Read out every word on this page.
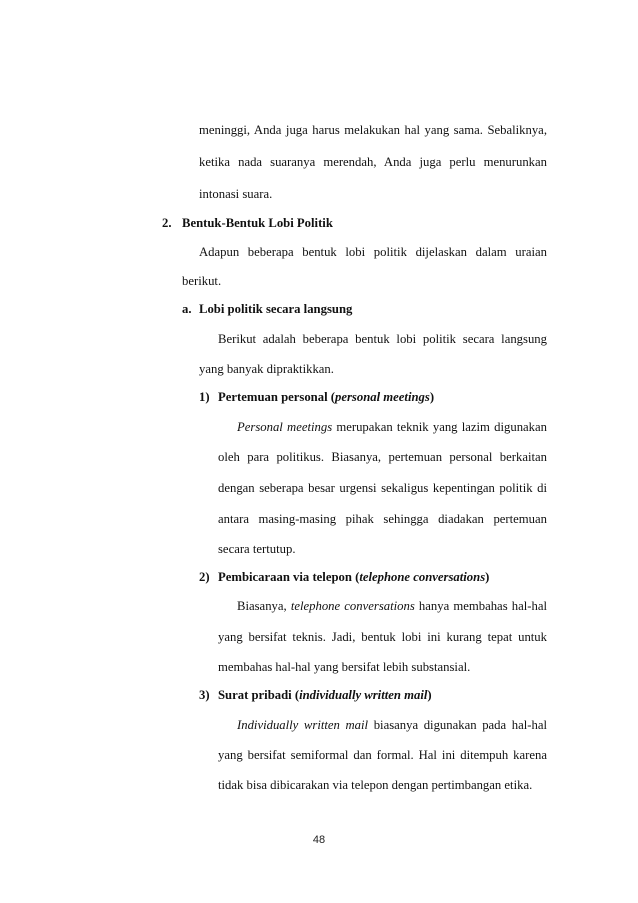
meninggi, Anda juga harus melakukan hal yang sama. Sebaliknya,
ketika nada suaranya merendah, Anda juga perlu menurunkan
intonasi suara.
2. Bentuk-Bentuk Lobi Politik
Adapun beberapa bentuk lobi politik dijelaskan dalam uraian
berikut.
a. Lobi politik secara langsung
Berikut adalah beberapa bentuk lobi politik secara langsung
yang banyak dipraktikkan.
1) Pertemuan personal (personal meetings)
Personal meetings merupakan teknik yang lazim digunakan
oleh para politikus. Biasanya, pertemuan personal berkaitan
dengan seberapa besar urgensi sekaligus kepentingan politik di
antara masing-masing pihak sehingga diadakan pertemuan
secara tertutup.
2) Pembicaraan via telepon (telephone conversations)
Biasanya, telephone conversations hanya membahas hal-hal
yang bersifat teknis. Jadi, bentuk lobi ini kurang tepat untuk
membahas hal-hal yang bersifat lebih substansial.
3) Surat pribadi (individually written mail)
Individually written mail biasanya digunakan pada hal-hal
yang bersifat semiformal dan formal. Hal ini ditempuh karena
tidak bisa dibicarakan via telepon dengan pertimbangan etika.
48
